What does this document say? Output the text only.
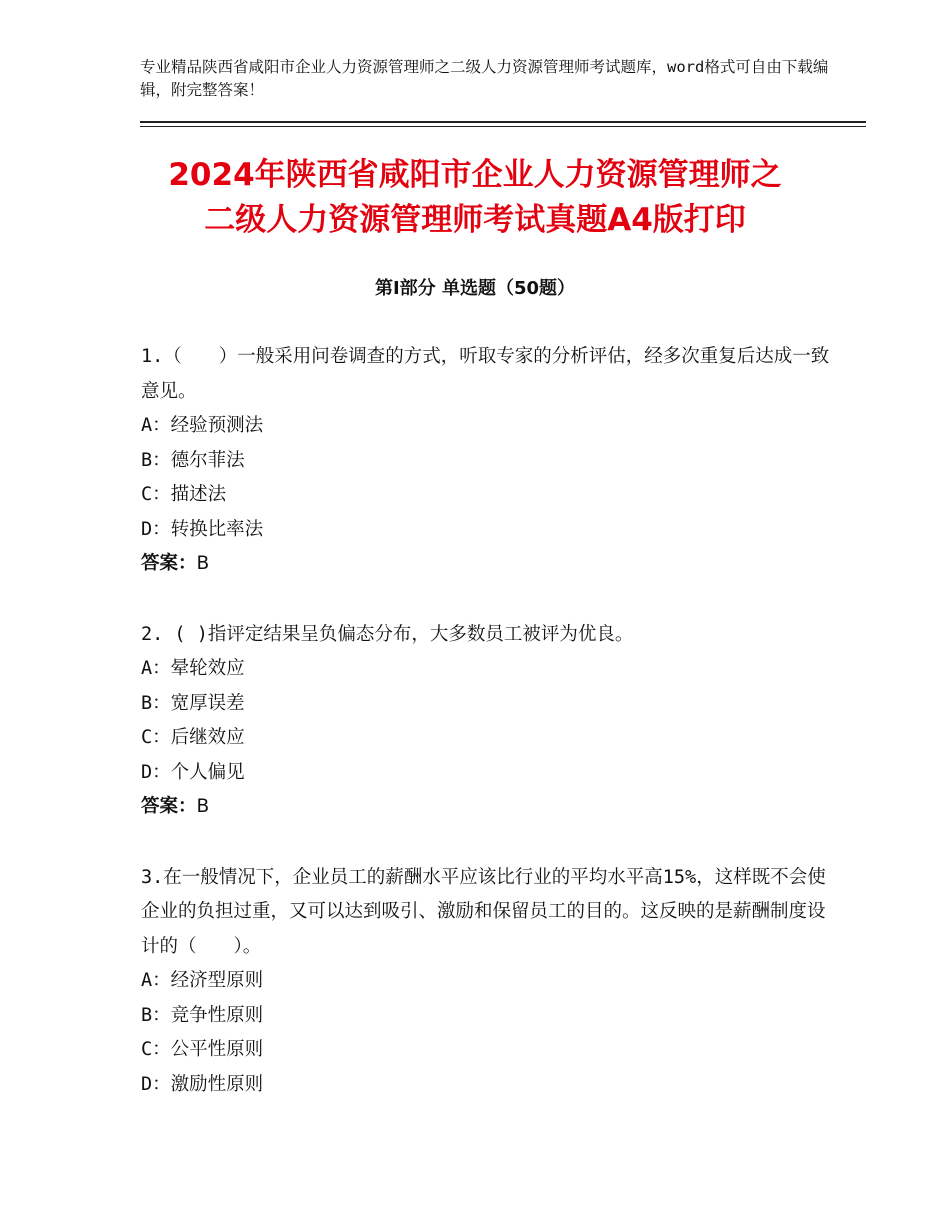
专业精品陕西省咸阳市企业人力资源管理师之二级人力资源管理师考试题库，word格式可自由下载编辑，附完整答案！
2024年陕西省咸阳市企业人力资源管理师之
二级人力资源管理师考试真题A4版打印
第Ⅰ部分 单选题（50题）

1.（　　）一般采用问卷调查的方式，听取专家的分析评估，经多次重复后达成一致意见。

A：经验预测法
B：德尔菲法
C：描述法
D：转换比率法
答案：B

2. ( )指评定结果呈负偏态分布，大多数员工被评为优良。

A：晕轮效应
B：宽厚误差
C：后继效应
D：个人偏见
答案：B

3.在一般情况下，企业员工的薪酬水平应该比行业的平均水平高15%，这样既不会使企业的负担过重，又可以达到吸引、激励和保留员工的目的。这反映的是薪酬制度设计的（　　）。

A：经济型原则
B：竞争性原则
C：公平性原则
D：激励性原则
